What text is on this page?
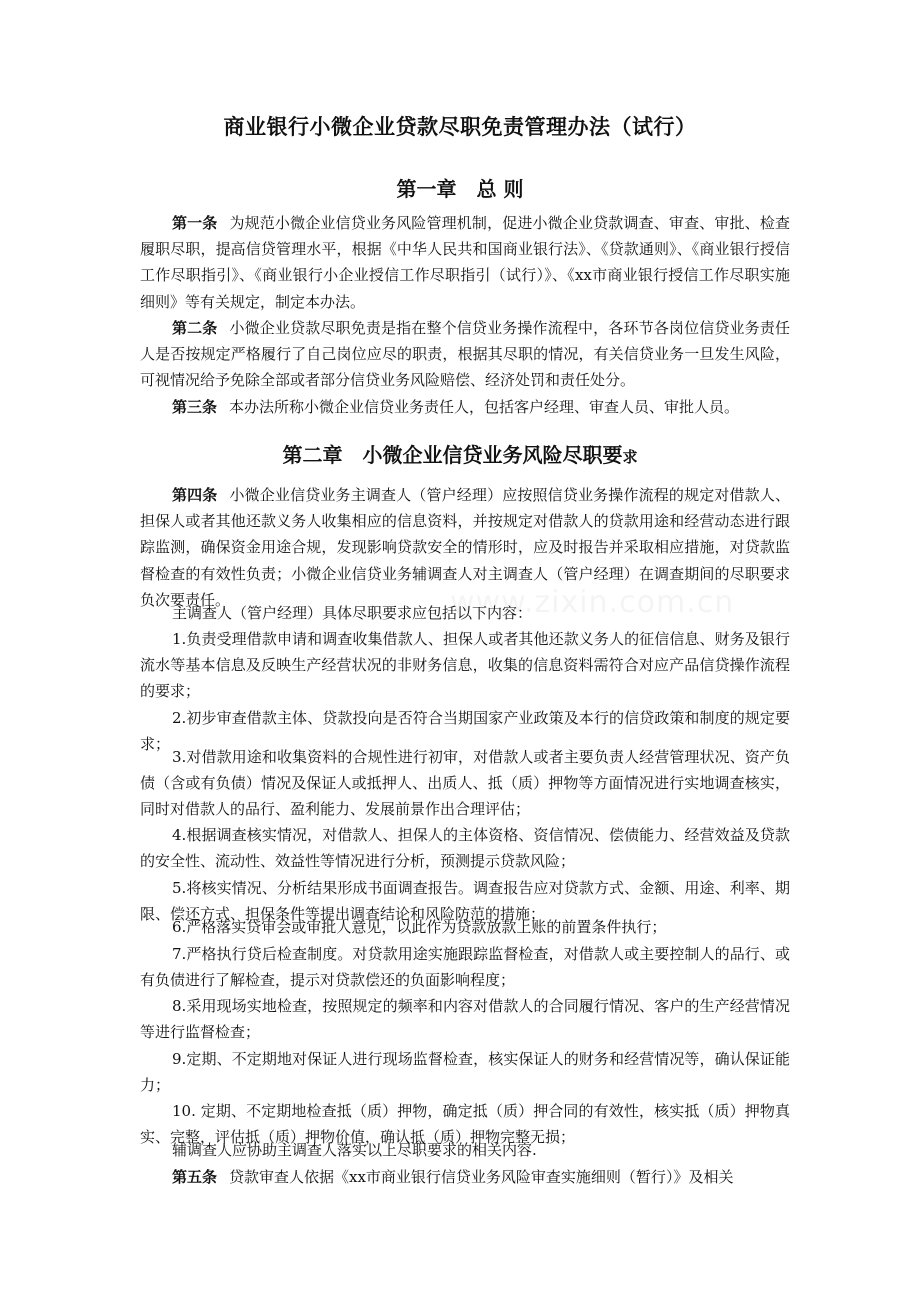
商业银行小微企业贷款尽职免责管理办法（试行）
第一章　总 则
第一条 为规范小微企业信贷业务风险管理机制，促进小微企业贷款调查、审查、审批、检查履职尽职，提高信贷管理水平，根据《中华人民共和国商业银行法》、《贷款通则》、《商业银行授信工作尽职指引》、《商业银行小企业授信工作尽职指引（试行）》、《xx市商业银行授信工作尽职实施细则》等有关规定，制定本办法。
第二条 小微企业贷款尽职免责是指在整个信贷业务操作流程中，各环节各岗位信贷业务责任人是否按规定严格履行了自己岗位应尽的职责，根据其尽职的情况，有关信贷业务一旦发生风险，可视情况给予免除全部或者部分信贷业务风险赔偿、经济处罚和责任处分。
第三条 本办法所称小微企业信贷业务责任人，包括客户经理、审查人员、审批人员。
第二章　小微企业信贷业务风险尽职要求
第四条 小微企业信贷业务主调查人（管户经理）应按照信贷业务操作流程的规定对借款人、担保人或者其他还款义务人收集相应的信息资料，并按规定对借款人的贷款用途和经营动态进行跟踪监测，确保资金用途合规，发现影响贷款安全的情形时，应及时报告并采取相应措施，对贷款监督检查的有效性负责；小微企业信贷业务辅调查人对主调查人（管户经理）在调查期间的尽职要求负次要责任。
主调查人（管户经理）具体尽职要求应包括以下内容：
1.负责受理借款申请和调查收集借款人、担保人或者其他还款义务人的征信信息、财务及银行流水等基本信息及反映生产经营状况的非财务信息，收集的信息资料需符合对应产品信贷操作流程的要求；
2.初步审查借款主体、贷款投向是否符合当期国家产业政策及本行的信贷政策和制度的规定要求；
3.对借款用途和收集资料的合规性进行初审，对借款人或者主要负责人经营管理状况、资产负债（含或有负债）情况及保证人或抵押人、出质人、抵（质）押物等方面情况进行实地调查核实，同时对借款人的品行、盈利能力、发展前景作出合理评估；
4.根据调查核实情况，对借款人、担保人的主体资格、资信情况、偿债能力、经营效益及贷款的安全性、流动性、效益性等情况进行分析，预测提示贷款风险；
5.将核实情况、分析结果形成书面调查报告。调查报告应对贷款方式、金额、用途、利率、期限、偿还方式、担保条件等提出调查结论和风险防范的措施；
6.严格落实贷审会或审批人意见，以此作为贷款放款上账的前置条件执行；
7.严格执行贷后检查制度。对贷款用途实施跟踪监督检查，对借款人或主要控制人的品行、或有负债进行了解检查，提示对贷款偿还的负面影响程度；
8.采用现场实地检查，按照规定的频率和内容对借款人的合同履行情况、客户的生产经营情况等进行监督检查；
9.定期、不定期地对保证人进行现场监督检查，核实保证人的财务和经营情况等，确认保证能力；
10. 定期、不定期地检查抵（质）押物，确定抵（质）押合同的有效性，核实抵（质）押物真实、完整，评估抵（质）押物价值，确认抵（质）押物完整无损；
辅调查人应协助主调查人落实以上尽职要求的相关内容.
第五条 贷款审查人依据《xx市商业银行信贷业务风险审查实施细则（暂行）》及相关
